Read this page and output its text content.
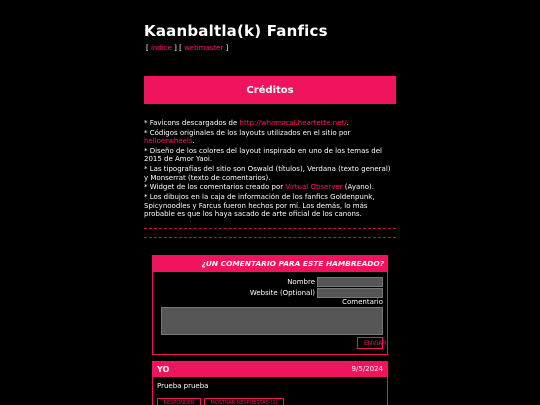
Kaanbaltla(k) Fanfics
[ índice ] [ webmaster ]
Créditos
* Favicons descargados de http://whimsical.heartette.net/.
* Códigos originales de los layouts utilizados en el sitio por helloerwheels.
* Diseño de los colores del layout inspirado en uno de los temas del 2015 de Amor Yaoi.
* Las tipografías del sitio son Oswald (títulos), Verdana (texto general) y Monserrat (texto de comentarios).
* Widget de los comentarios creado por Virtual Observer (Ayano).
* Los dibujos en la caja de información de los fanfics Goldenpunk, Spicynoodles y Farcus fueron hechos por mí. Los demás, lo más probable es que los haya sacado de arte oficial de los canons.
¿UN COMENTARIO PARA ESTE HAMBREADO?
Nombre
Website (Optional)
Comentario
ENVIAR
YO	9/5/2024
Prueba prueba
RESPONDER	MOSTRAR RESPUESTAS (1)
